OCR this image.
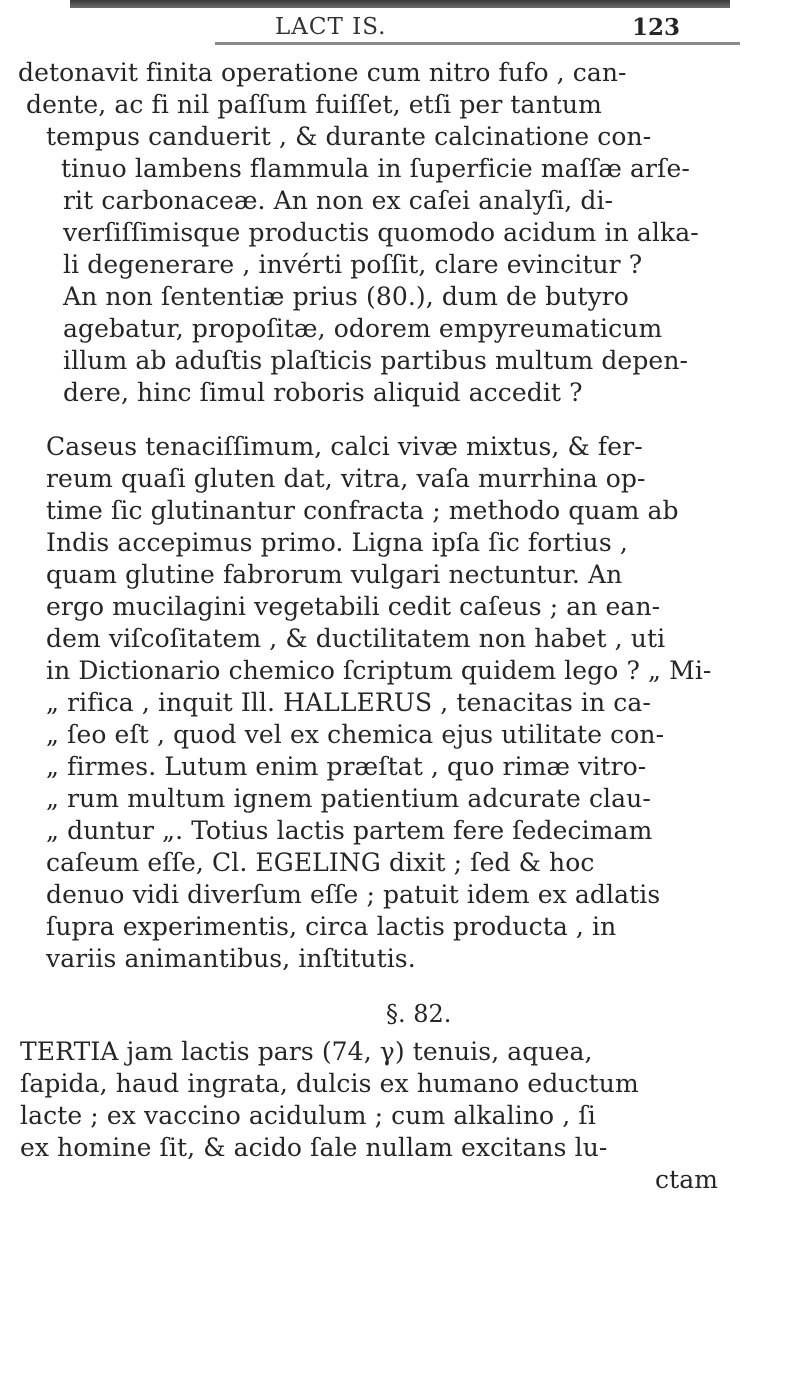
LACT IS.	123
detonavit finita operatione cum nitro fufo , can-
dente, ac fi nil paſſum fuiſſet, etſi per tantum
tempus canduerit , & durante calcinatione con-
tinuo lambens flammula in ſuperficie maſſæ arſe-
rit carbonaceæ. An non ex caſei analyſi, di-
verſiſſimisque productis quomodo acidum in alka-
li degenerare , invérti poſſit, clare evincitur ?
An non ſententiæ prius (80.), dum de butyro
agebatur, propoſitæ, odorem empyreumaticum
illum ab aduſtis plaſticis partibus multum depen-
dere, hinc ſimul roboris aliquid accedit ?
Caseus tenaciſſimum, calci vivæ mixtus, & fer-
reum quaſi gluten dat, vitra, vaſa murrhina op-
time ſic glutinantur confracta ; methodo quam ab
Indis accepimus primo. Ligna ipſa ſic fortius ,
quam glutine fabrorum vulgari nectuntur. An
ergo mucilagini vegetabili cedit caſeus ; an ean-
dem viſcoſitatem , & ductilitatem non habet , uti
in Dictionario chemico ſcriptum quidem lego ? „ Mi-
„ rifica , inquit Ill. HALLERUS , tenacitas in ca-
„ ſeo eſt , quod vel ex chemica ejus utilitate con-
„ firmes. Lutum enim præſtat , quo rimæ vitro-
„ rum multum ignem patientium adcurate clau-
„ duntur „. Totius lactis partem fere ſedecimam
caſeum eſſe, Cl. EGELING dixit ; ſed & hoc
denuo vidi diverſum eſſe ; patuit idem ex adlatis
ſupra experimentis, circa lactis producta , in
variis animantibus, inſtitutis.
§. 82.
TERTIA jam lactis pars (74, γ) tenuis, aquea,
ſapida, haud ingrata, dulcis ex humano eductum
lacte ; ex vaccino acidulum ; cum alkalino , ſi
ex homine ſit, & acido ſale nullam excitans lu-
ctam
